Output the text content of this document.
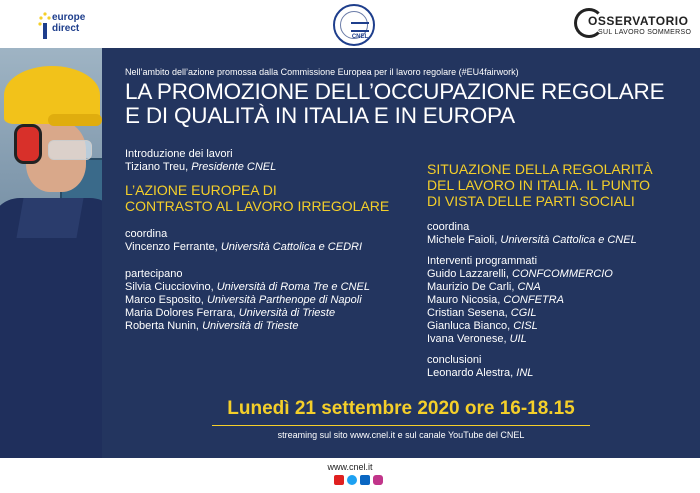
europe
direct
CNEL
OSSERVATORIO
SUL LAVORO SOMMERSO
Nell’ambito dell’azione promossa dalla Commissione Europea per il lavoro regolare (#EU4fairwork)
LA PROMOZIONE DELL’OCCUPAZIONE REGOLARE
E DI QUALITÀ IN ITALIA E IN EUROPA
Introduzione dei lavori
Tiziano Treu, Presidente CNEL
L’AZIONE EUROPEA DI
CONTRASTO AL LAVORO IRREGOLARE
coordina
Vincenzo Ferrante, Università Cattolica e CEDRI
partecipano
Silvia Ciucciovino, Università di Roma Tre e CNEL
Marco Esposito, Università Parthenope di Napoli
Maria Dolores Ferrara, Università di Trieste
Roberta Nunin, Università di Trieste
SITUAZIONE DELLA REGOLARITÀ
DEL LAVORO IN ITALIA. IL PUNTO
DI VISTA DELLE PARTI SOCIALI
coordina
Michele Faioli, Università Cattolica e CNEL
Interventi programmati
Guido Lazzarelli, CONFCOMMERCIO
Maurizio De Carli, CNA
Mauro Nicosia, CONFETRA
Cristian Sesena, CGIL
Gianluca Bianco, CISL
Ivana Veronese, UIL
conclusioni
Leonardo Alestra, INL
Lunedì 21 settembre 2020 ore 16-18.15
streaming sul sito www.cnel.it e sul canale YouTube del CNEL
www.cnel.it
